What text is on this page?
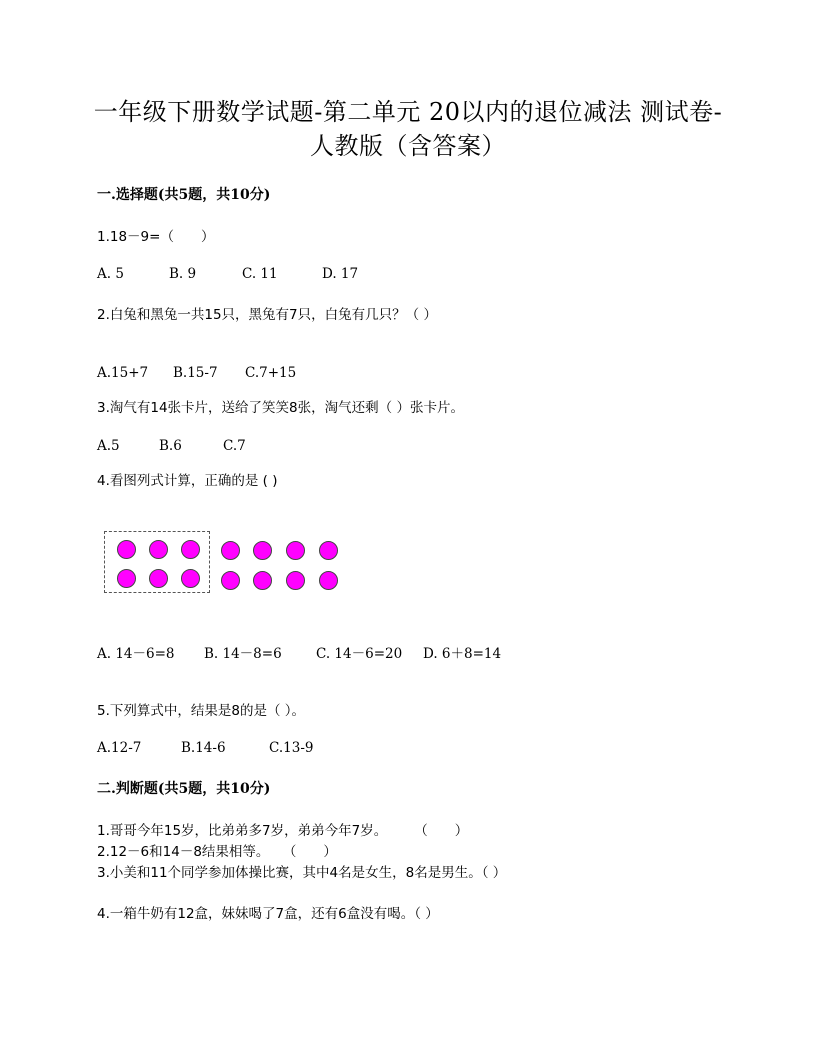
一年级下册数学试题-第二单元 20以内的退位减法 测试卷-
人教版（含答案）
一.选择题(共5题，共10分)
1.18－9=（　　）
A. 5	B. 9	C. 11	D. 17
2.白兔和黑兔一共15只，黑兔有7只，白兔有几只？（ ）
A.15+7 B.15-7 C.7+15
3.淘气有14张卡片，送给了笑笑8张，淘气还剩（ ）张卡片。
A.5	B.6	C.7
4.看图列式计算，正确的是 ( )
A. 14－6=8 B. 14－8=6	C. 14－6=20 D. 6＋8=14
5.下列算式中，结果是8的是（ ）。
A.12-7	B.14-6	C.13-9
二.判断题(共5题，共10分)
1.哥哥今年15岁，比弟弟多7岁，弟弟今年7岁。　　　（　　）
2.12－6和14－8结果相等。　　（　　）
3.小美和11个同学参加体操比赛，其中4名是女生，8名是男生。（ ）
4.一箱牛奶有12盒，妹妹喝了7盒，还有6盒没有喝。（ ）
